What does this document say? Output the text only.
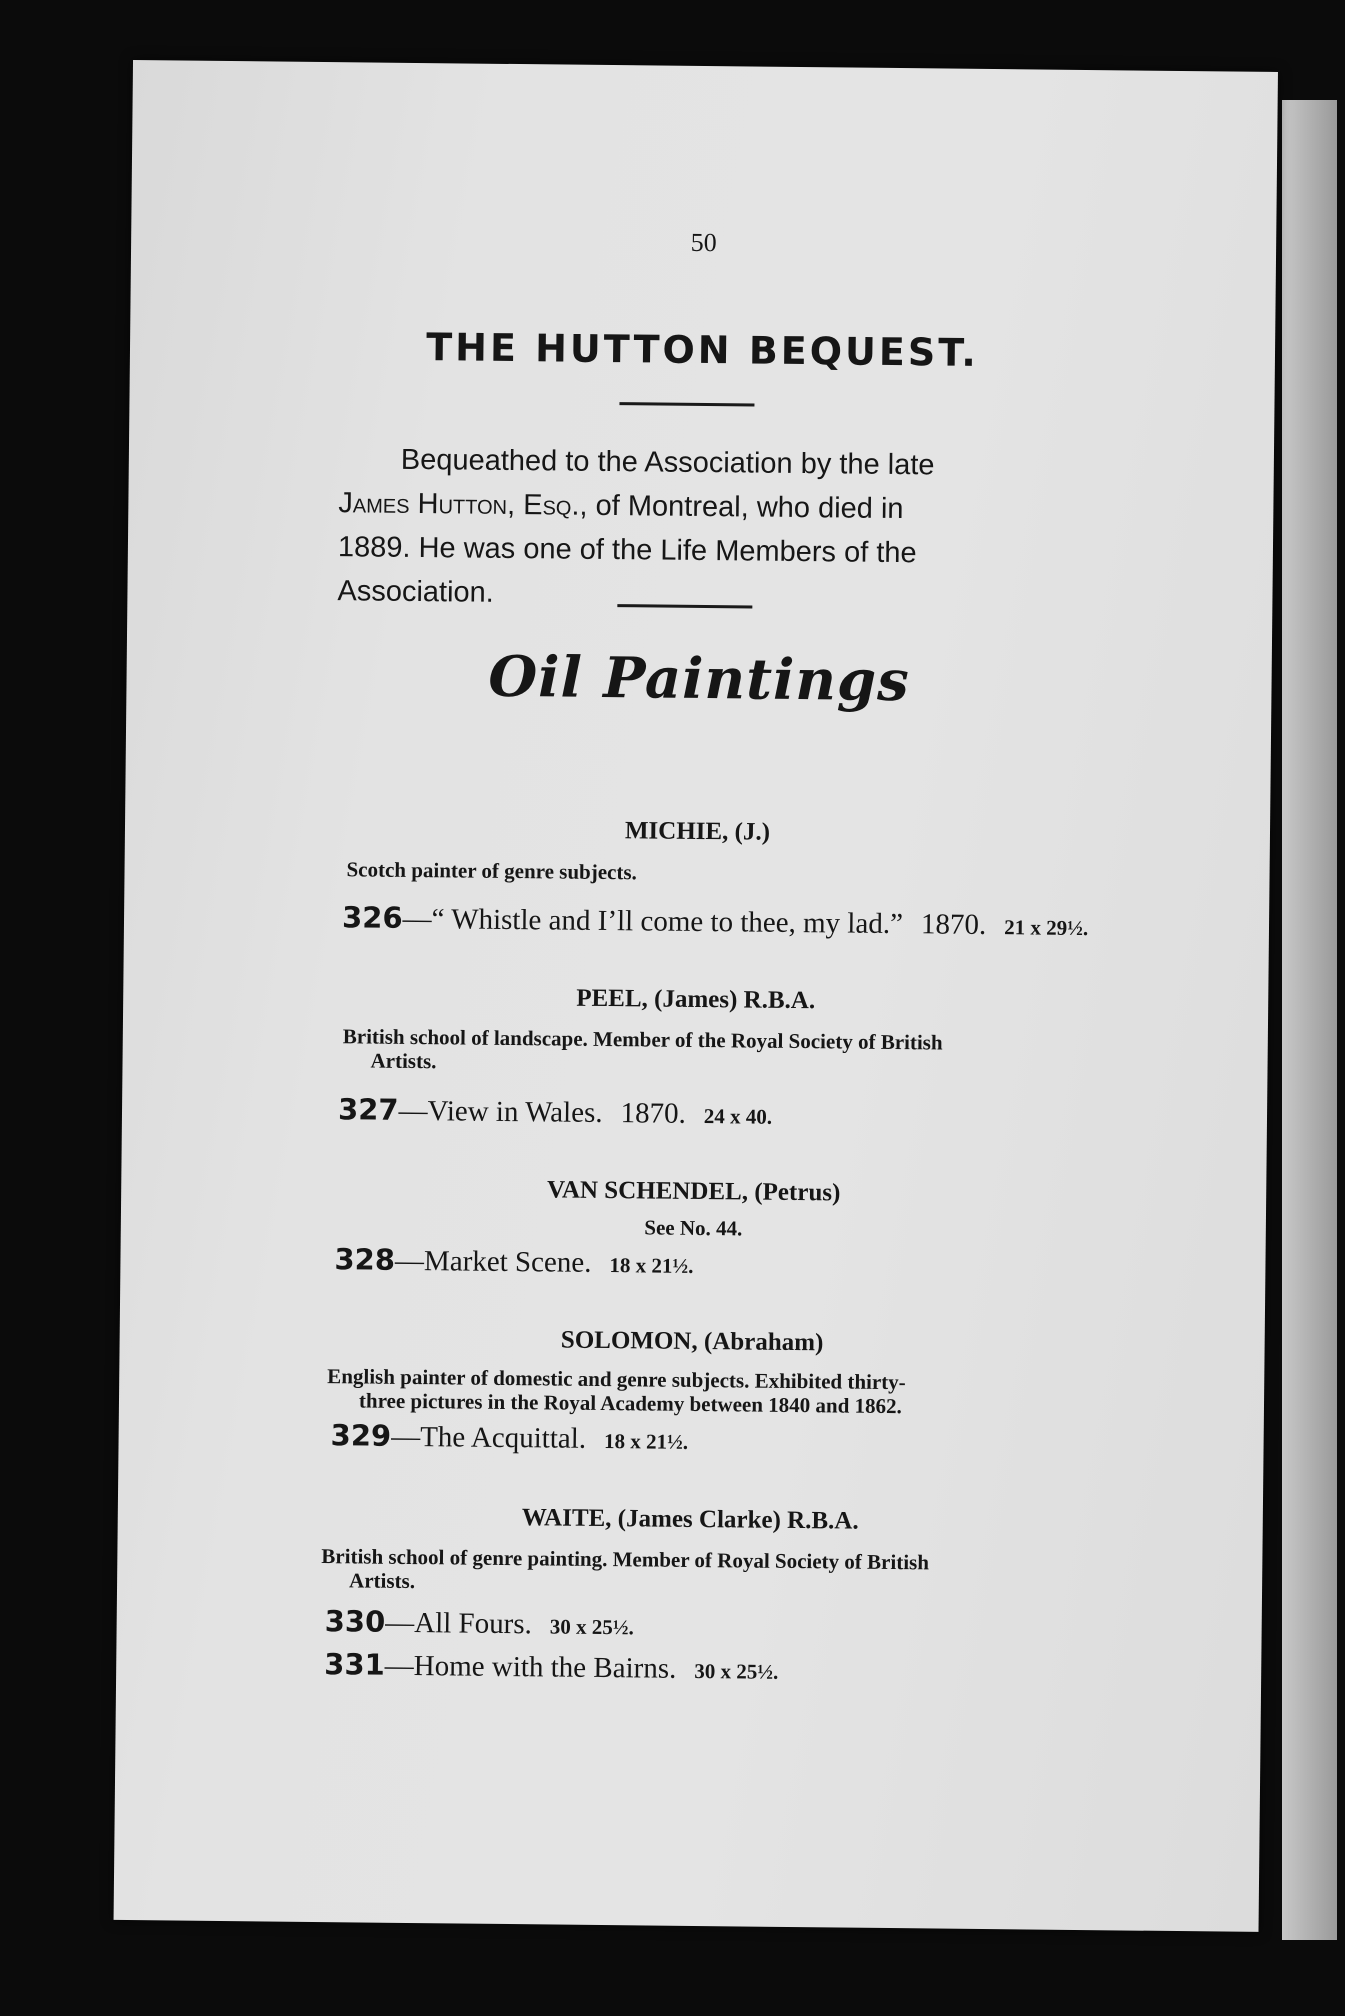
50
THE HUTTON BEQUEST.
Bequeathed to the Association by the late
James Hutton, Esq., of Montreal, who died in
1889. He was one of the Life Members of the
Association.
Oil Paintings
MICHIE, (J.)
Scotch painter of genre subjects.
326—“ Whistle and I’ll come to thee, my lad.” 1870. 21 x 29½.
PEEL, (James) R.B.A.
British school of landscape. Member of the Royal Society of British
Artists.
327—View in Wales. 1870. 24 x 40.
VAN SCHENDEL, (Petrus)
See No. 44.
328—Market Scene. 18 x 21½.
SOLOMON, (Abraham)
English painter of domestic and genre subjects. Exhibited thirty-
three pictures in the Royal Academy between 1840 and 1862.
329—The Acquittal. 18 x 21½.
WAITE, (James Clarke) R.B.A.
British school of genre painting. Member of Royal Society of British
Artists.
330—All Fours. 30 x 25½.
331—Home with the Bairns. 30 x 25½.
